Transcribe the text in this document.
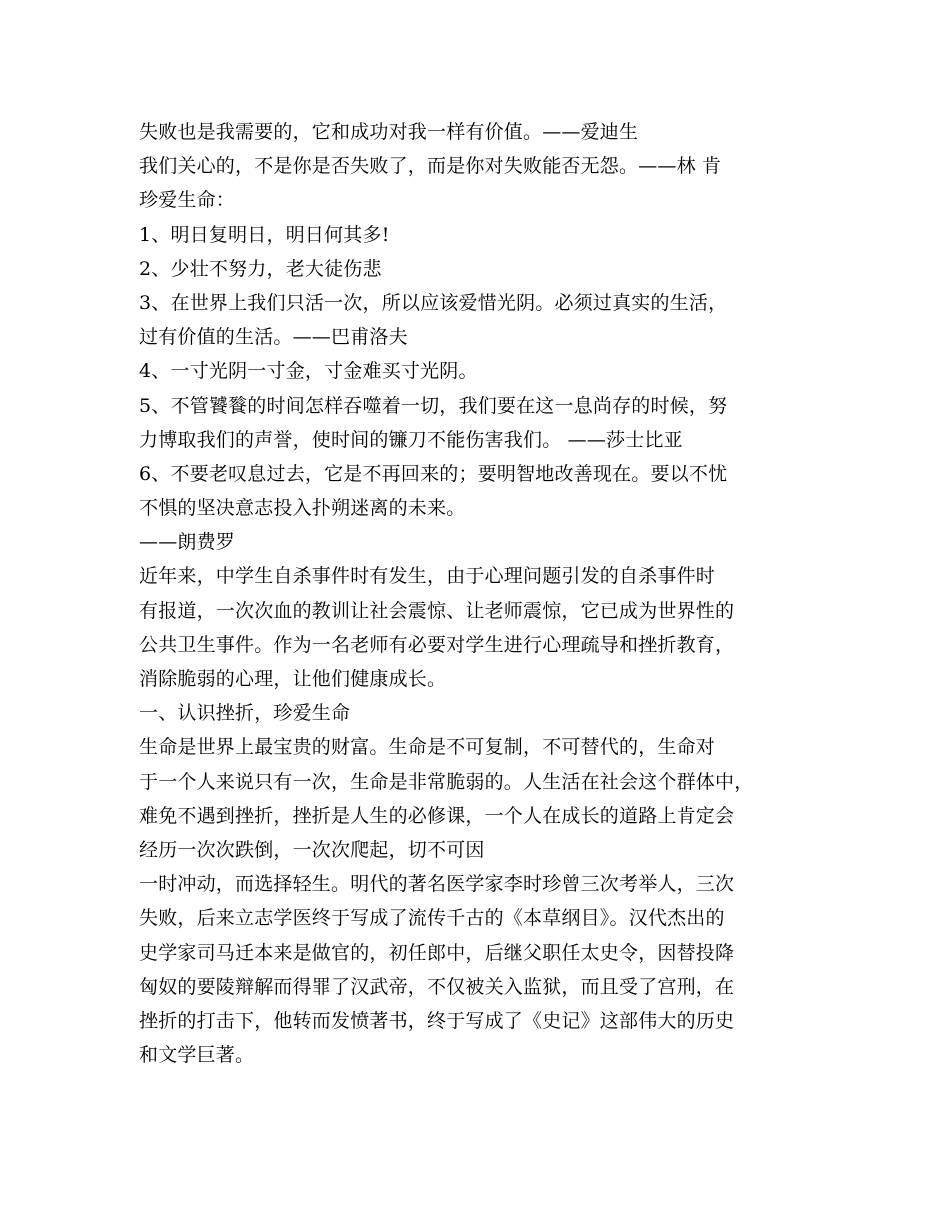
失败也是我需要的，它和成功对我一样有价值。——爱迪生
我们关心的，不是你是否失败了，而是你对失败能否无怨。——林 肯
珍爱生命：
1、明日复明日，明日何其多!
2、少壮不努力，老大徒伤悲
3、在世界上我们只活一次，所以应该爱惜光阴。必须过真实的生活，
过有价值的生活。——巴甫洛夫
4、一寸光阴一寸金，寸金难买寸光阴。
5、不管饕餮的时间怎样吞噬着一切，我们要在这一息尚存的时候，努
力博取我们的声誉，使时间的镰刀不能伤害我们。 ——莎士比亚
6、不要老叹息过去，它是不再回来的；要明智地改善现在。要以不忧
不惧的坚决意志投入扑朔迷离的未来。
——朗费罗
近年来，中学生自杀事件时有发生，由于心理问题引发的自杀事件时
有报道，一次次血的教训让社会震惊、让老师震惊，它已成为世界性的
公共卫生事件。作为一名老师有必要对学生进行心理疏导和挫折教育，
消除脆弱的心理，让他们健康成长。
一、认识挫折，珍爱生命
生命是世界上最宝贵的财富。生命是不可复制，不可替代的，生命对
于一个人来说只有一次，生命是非常脆弱的。人生活在社会这个群体中，
难免不遇到挫折，挫折是人生的必修课，一个人在成长的道路上肯定会
经历一次次跌倒，一次次爬起，切不可因
一时冲动，而选择轻生。明代的著名医学家李时珍曾三次考举人，三次
失败，后来立志学医终于写成了流传千古的《本草纲目》。汉代杰出的
史学家司马迁本来是做官的，初任郎中，后继父职任太史令，因替投降
匈奴的要陵辩解而得罪了汉武帝，不仅被关入监狱，而且受了宫刑，在
挫折的打击下，他转而发愤著书，终于写成了《史记》这部伟大的历史
和文学巨著。
